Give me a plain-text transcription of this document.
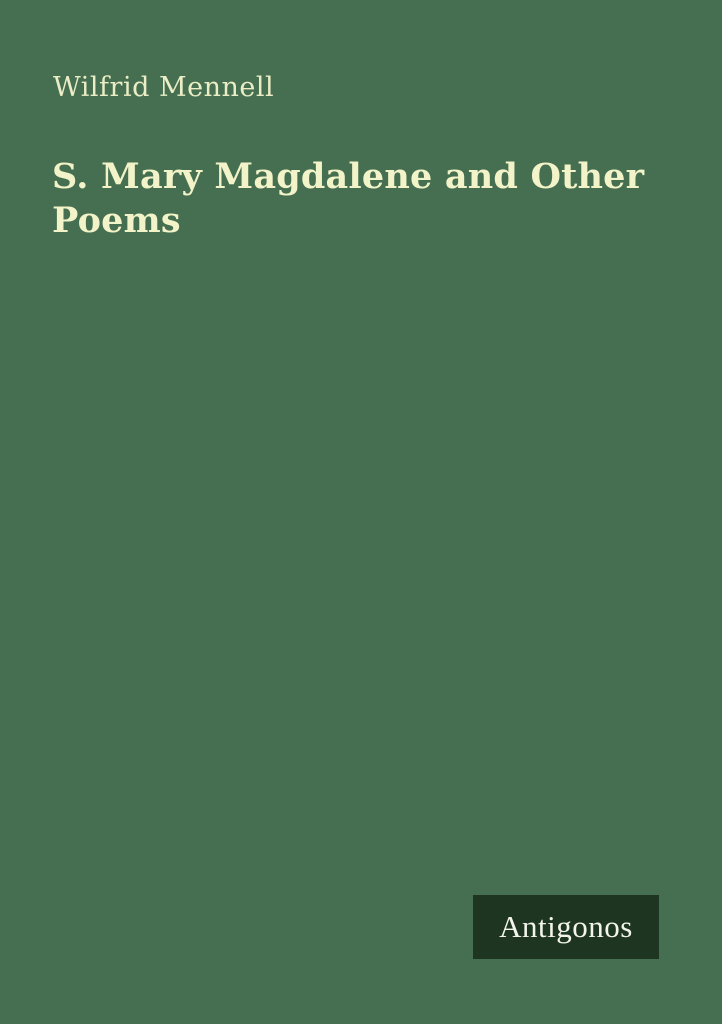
Wilfrid Mennell
S. Mary Magdalene and Other Poems
Antigonos
